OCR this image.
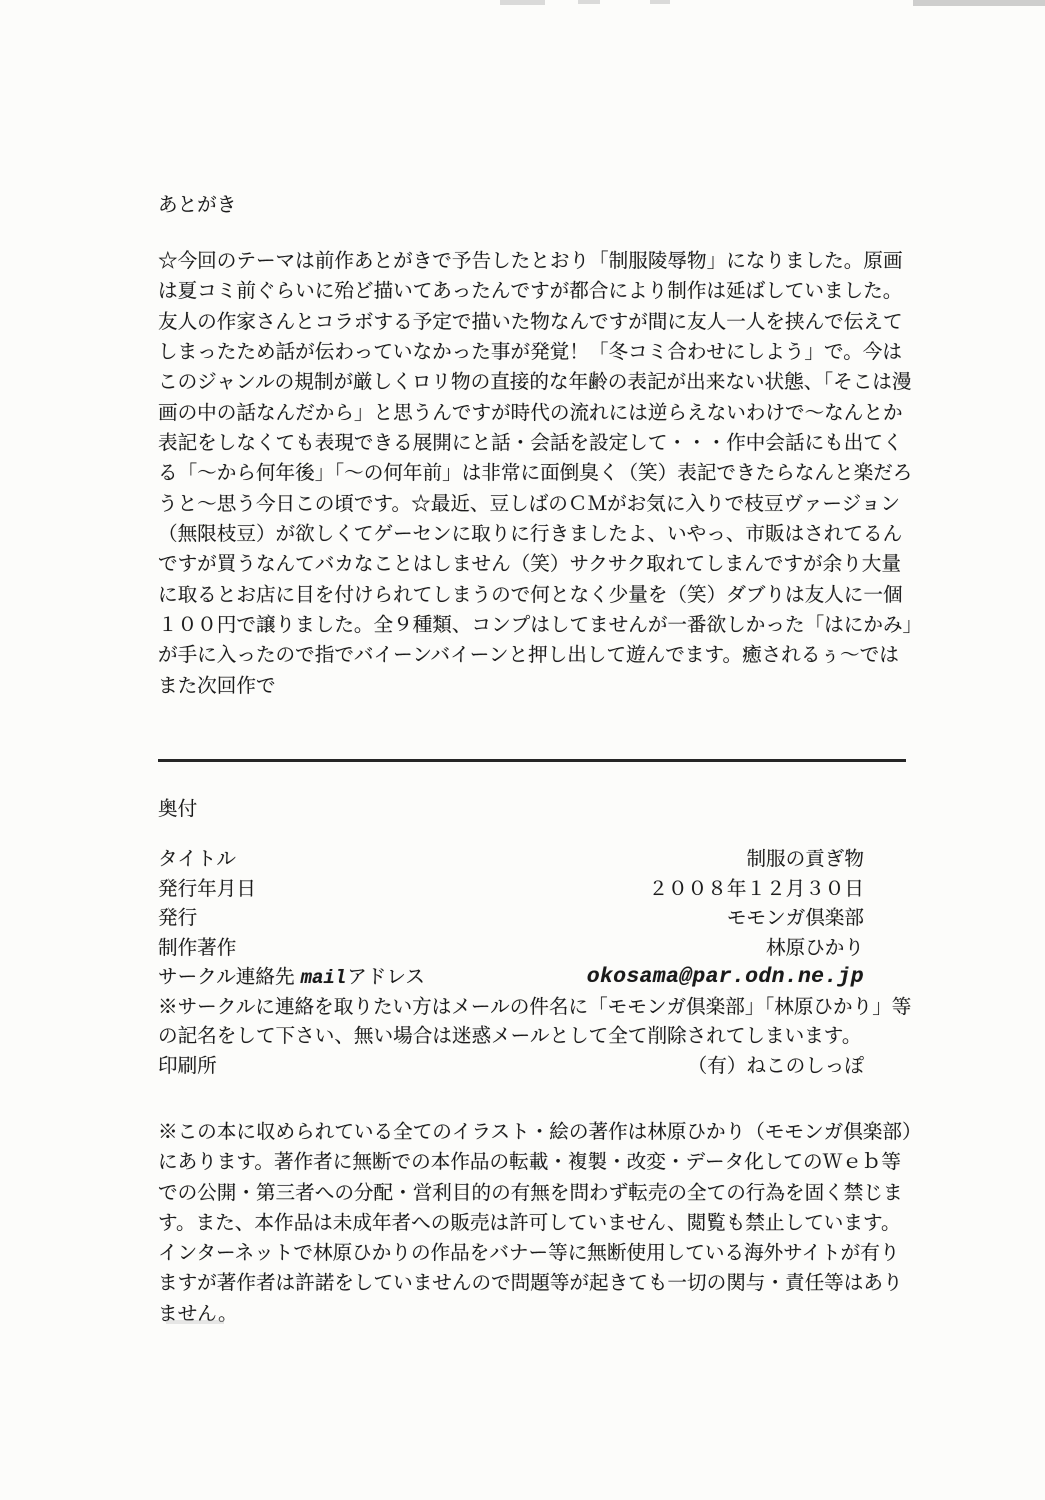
あとがき
☆今回のテーマは前作あとがきで予告したとおり「制服陵辱物」になりました。原画
は夏コミ前ぐらいに殆ど描いてあったんですが都合により制作は延ばしていました。
友人の作家さんとコラボする予定で描いた物なんですが間に友人一人を挟んで伝えて
しまったため話が伝わっていなかった事が発覚！「冬コミ合わせにしよう」で。今は
このジャンルの規制が厳しくロリ物の直接的な年齢の表記が出来ない状態、「そこは漫
画の中の話なんだから」と思うんですが時代の流れには逆らえないわけで～なんとか
表記をしなくても表現できる展開にと話・会話を設定して・・・作中会話にも出てく
る「～から何年後」「～の何年前」は非常に面倒臭く（笑）表記できたらなんと楽だろ
うと～思う今日この頃です。☆最近、豆しばのＣＭがお気に入りで枝豆ヴァージョン
（無限枝豆）が欲しくてゲーセンに取りに行きましたよ、いやっ、市販はされてるん
ですが買うなんてバカなことはしません（笑）サクサク取れてしまんですが余り大量
に取るとお店に目を付けられてしまうので何となく少量を（笑）ダブりは友人に一個
１００円で譲りました。全９種類、コンプはしてませんが一番欲しかった「はにかみ」
が手に入ったので指でバイーンバイーンと押し出して遊んでます。癒されるぅ～では
また次回作で
奥付
タイトル	制服の貢ぎ物
発行年月日	２００８年１２月３０日
発行	モモンガ倶楽部
制作著作	林原ひかり
サークル連絡先 mailアドレス	okosama@par.odn.ne.jp
※サークルに連絡を取りたい方はメールの件名に「モモンガ倶楽部」「林原ひかり」等
の記名をして下さい、無い場合は迷惑メールとして全て削除されてしまいます。
印刷所	（有）ねこのしっぽ
※この本に収められている全てのイラスト・絵の著作は林原ひかり（モモンガ倶楽部）
にあります。著作者に無断での本作品の転載・複製・改変・データ化してのＷｅｂ等
での公開・第三者への分配・営利目的の有無を問わず転売の全ての行為を固く禁じま
す。また、本作品は未成年者への販売は許可していません、閲覧も禁止しています。
インターネットで林原ひかりの作品をバナー等に無断使用している海外サイトが有り
ますが著作者は許諾をしていませんので問題等が起きても一切の関与・責任等はあり
ません。
